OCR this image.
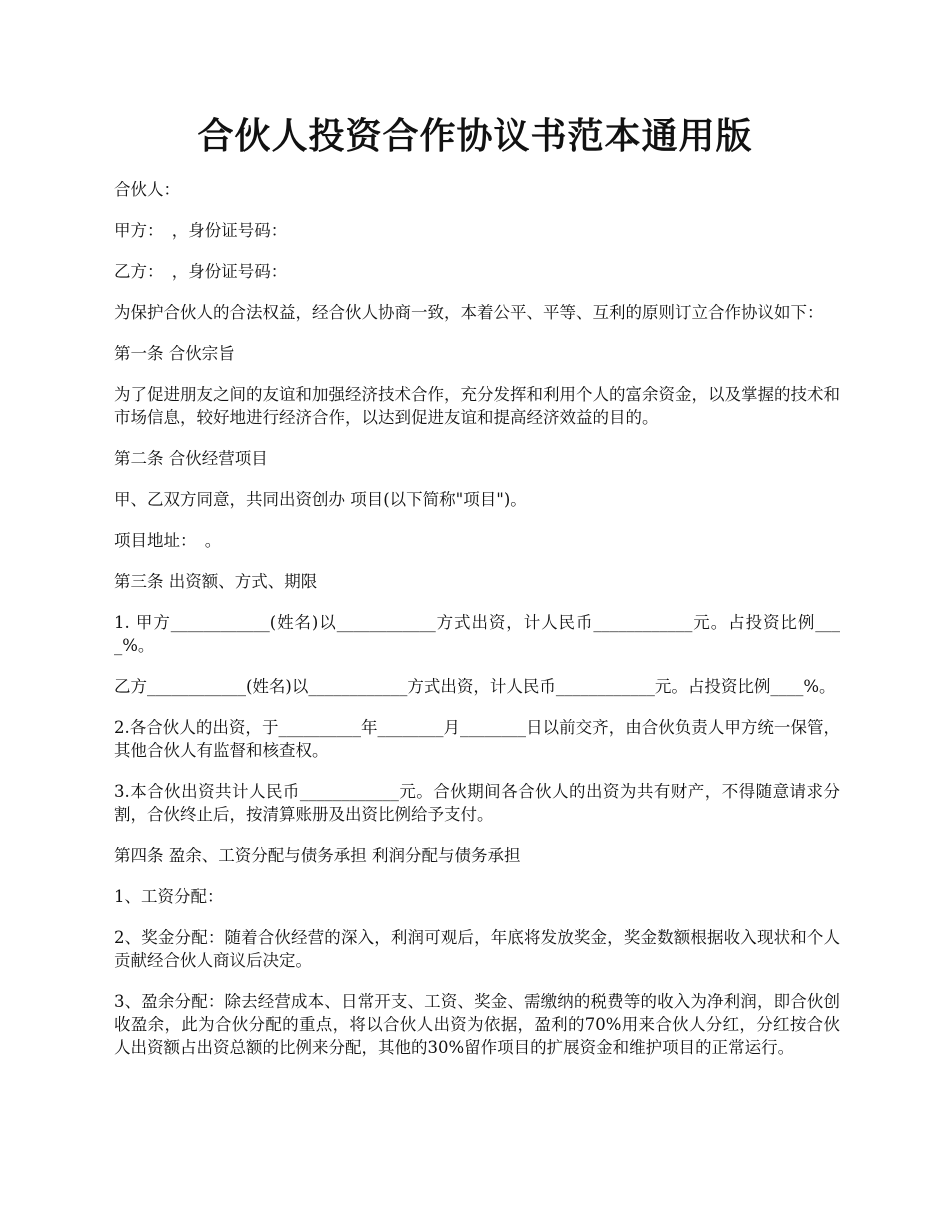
合伙人投资合作协议书范本通用版

合伙人：

甲方：　，身份证号码：

乙方：　，身份证号码：

为保护合伙人的合法权益，经合伙人协商一致，本着公平、平等、互利的原则订立合作协议如下：

第一条 合伙宗旨

为了促进朋友之间的友谊和加强经济技术合作，充分发挥和利用个人的富余资金，以及掌握的技术和市场信息，较好地进行经济合作，以达到促进友谊和提高经济效益的目的。

第二条 合伙经营项目

甲、乙双方同意，共同出资创办 项目(以下简称"项目")。

项目地址：　。

第三条 出资额、方式、期限

1. 甲方____________(姓名)以____________方式出资，计人民币____________元。占投资比例____%。

乙方____________(姓名)以____________方式出资，计人民币____________元。占投资比例____%。

2.各合伙人的出资，于__________年________月________日以前交齐，由合伙负责人甲方统一保管，其他合伙人有监督和核查权。

3.本合伙出资共计人民币____________元。合伙期间各合伙人的出资为共有财产，不得随意请求分割，合伙终止后，按清算账册及出资比例给予支付。

第四条 盈余、工资分配与债务承担 利润分配与债务承担

1、工资分配：

2、奖金分配：随着合伙经营的深入，利润可观后，年底将发放奖金，奖金数额根据收入现状和个人贡献经合伙人商议后决定。

3、盈余分配：除去经营成本、日常开支、工资、奖金、需缴纳的税费等的收入为净利润，即合伙创收盈余，此为合伙分配的重点，将以合伙人出资为依据，盈利的70%用来合伙人分红，分红按合伙人出资额占出资总额的比例来分配，其他的30%留作项目的扩展资金和维护项目的正常运行。
